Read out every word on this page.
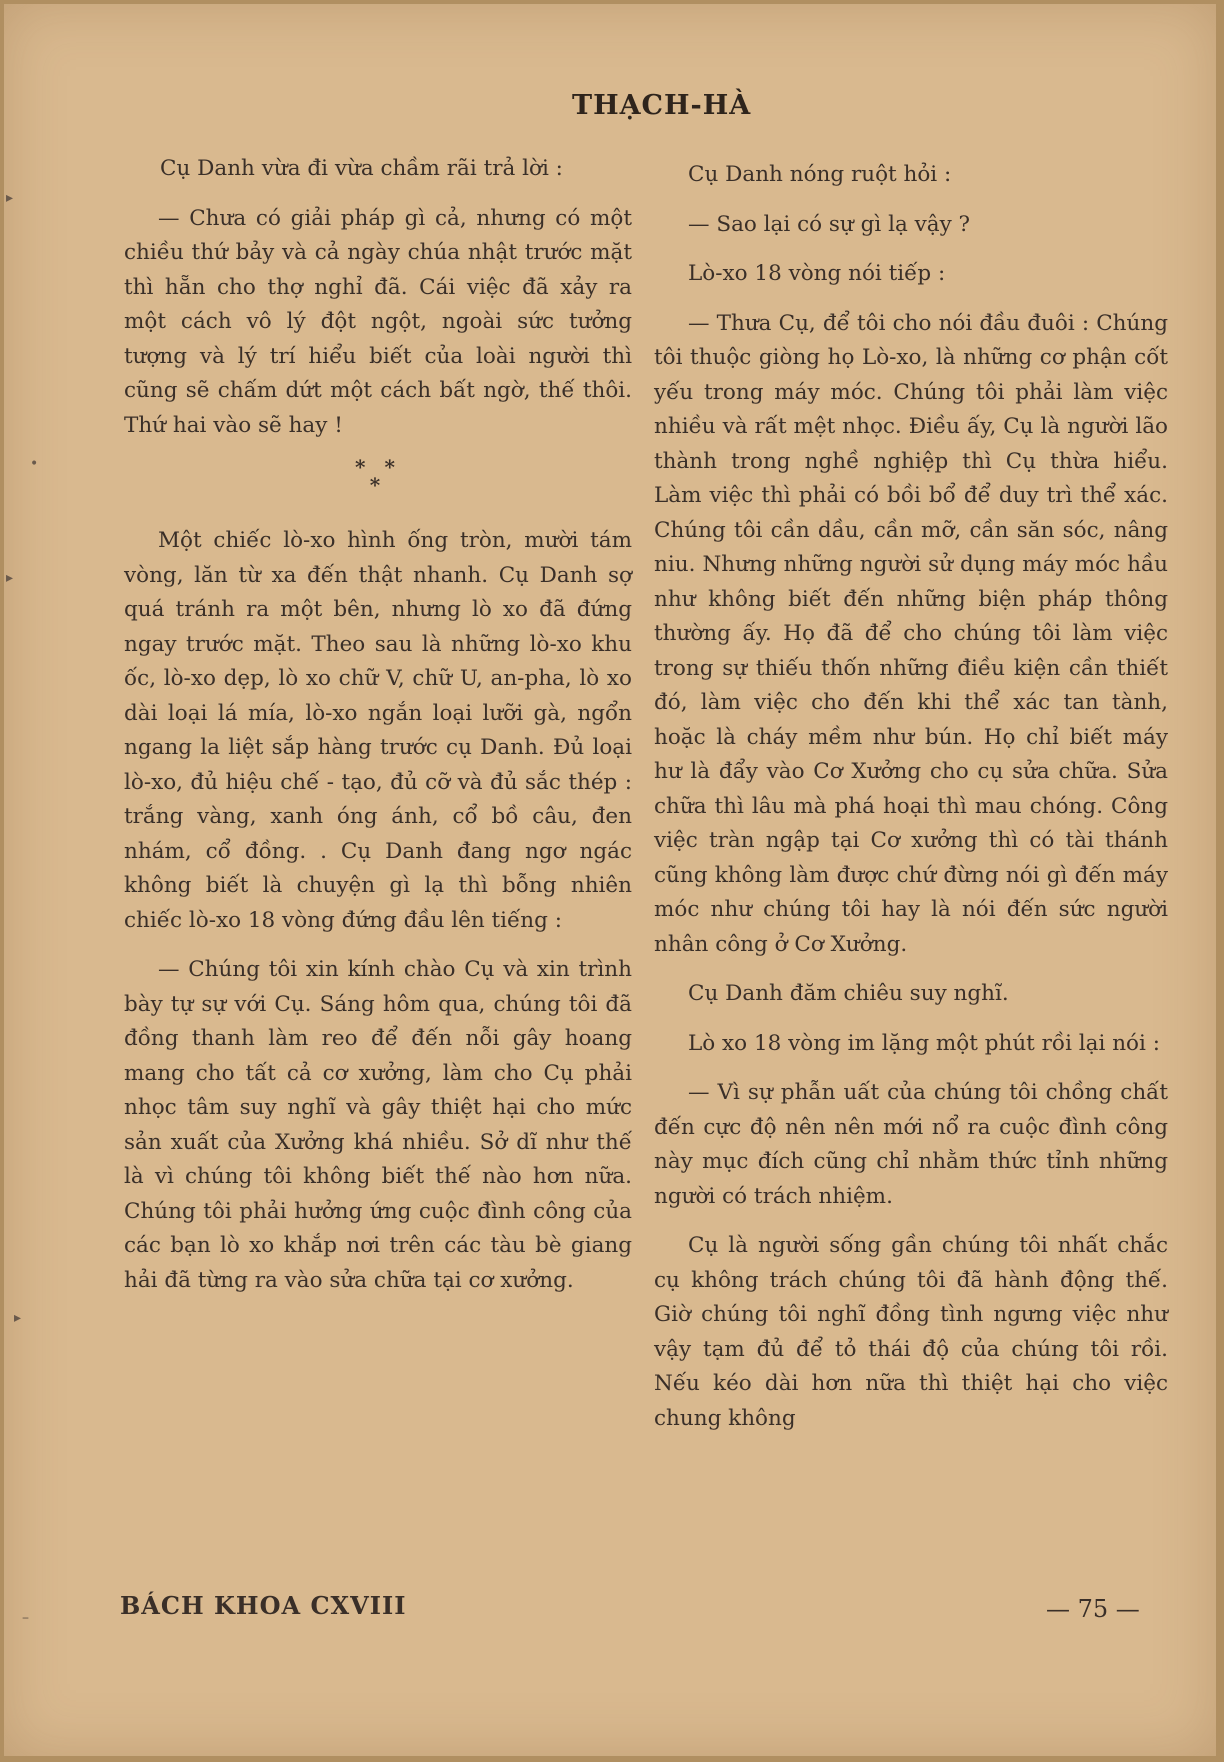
THẠCH-HÀ

Cụ Danh vừa đi vừa chầm rãi trả lời :

— Chưa có giải pháp gì cả, nhưng có một chiều thứ bảy và cả ngày chúa nhật trước mặt thì hẵn cho thợ nghỉ đã. Cái việc đã xảy ra một cách vô lý đột ngột, ngoài sức tưởng tượng và lý trí hiểu biết của loài người thì cũng sẽ chấm dứt một cách bất ngờ, thế thôi. Thứ hai vào sẽ hay !

* *
*

Một chiếc lò-xo hình ống tròn, mười tám vòng, lăn từ xa đến thật nhanh. Cụ Danh sợ quá tránh ra một bên, nhưng lò xo đã đứng ngay trước mặt. Theo sau là những lò-xo khu ốc, lò-xo dẹp, lò xo chữ V, chữ U, an-pha, lò xo dài loại lá mía, lò-xo ngắn loại lưỡi gà, ngổn ngang la liệt sắp hàng trước cụ Danh. Đủ loại lò-xo, đủ hiệu chế - tạo, đủ cỡ và đủ sắc thép : trắng vàng, xanh óng ánh, cổ bồ câu, đen nhám, cổ đồng. . Cụ Danh đang ngơ ngác không biết là chuyện gì lạ thì bỗng nhiên chiếc lò-xo 18 vòng đứng đầu lên tiếng :

— Chúng tôi xin kính chào Cụ và xin trình bày tự sự với Cụ. Sáng hôm qua, chúng tôi đã đồng thanh làm reo để đến nỗi gây hoang mang cho tất cả cơ xưởng, làm cho Cụ phải nhọc tâm suy nghĩ và gây thiệt hại cho mức sản xuất của Xưởng khá nhiều. Sở dĩ như thế là vì chúng tôi không biết thế nào hơn nữa. Chúng tôi phải hưởng ứng cuộc đình công của các bạn lò xo khắp nơi trên các tàu bè giang hải đã từng ra vào sửa chữa tại cơ xưởng.

Cụ Danh nóng ruột hỏi :

— Sao lại có sự gì lạ vậy ?

Lò-xo 18 vòng nói tiếp :

— Thưa Cụ, để tôi cho nói đầu đuôi : Chúng tôi thuộc giòng họ Lò-xo, là những cơ phận cốt yếu trong máy móc. Chúng tôi phải làm việc nhiều và rất mệt nhọc. Điều ấy, Cụ là người lão thành trong nghề nghiệp thì Cụ thừa hiểu. Làm việc thì phải có bồi bổ để duy trì thể xác. Chúng tôi cần dầu, cần mỡ, cần săn sóc, nâng niu. Nhưng những người sử dụng máy móc hầu như không biết đến những biện pháp thông thường ấy. Họ đã để cho chúng tôi làm việc trong sự thiếu thốn những điều kiện cần thiết đó, làm việc cho đến khi thể xác tan tành, hoặc là cháy mềm như bún. Họ chỉ biết máy hư là đẩy vào Cơ Xưởng cho cụ sửa chữa. Sửa chữa thì lâu mà phá hoại thì mau chóng. Công việc tràn ngập tại Cơ xưởng thì có tài thánh cũng không làm được chứ đừng nói gì đến máy móc như chúng tôi hay là nói đến sức người nhân công ở Cơ Xưởng.

Cụ Danh đăm chiêu suy nghĩ.

Lò xo 18 vòng im lặng một phút rồi lại nói :

— Vì sự phẫn uất của chúng tôi chồng chất đến cực độ nên nên mới nổ ra cuộc đình công này mục đích cũng chỉ nhằm thức tỉnh những người có trách nhiệm.

Cụ là người sống gần chúng tôi nhất chắc cụ không trách chúng tôi đã hành động thế. Giờ chúng tôi nghĩ đồng tình ngưng việc như vậy tạm đủ để tỏ thái độ của chúng tôi rồi. Nếu kéo dài hơn nữa thì thiệt hại cho việc chung không

BÁCH KHOA CXVIII	— 75 —
▸
•
▸
▸
–
